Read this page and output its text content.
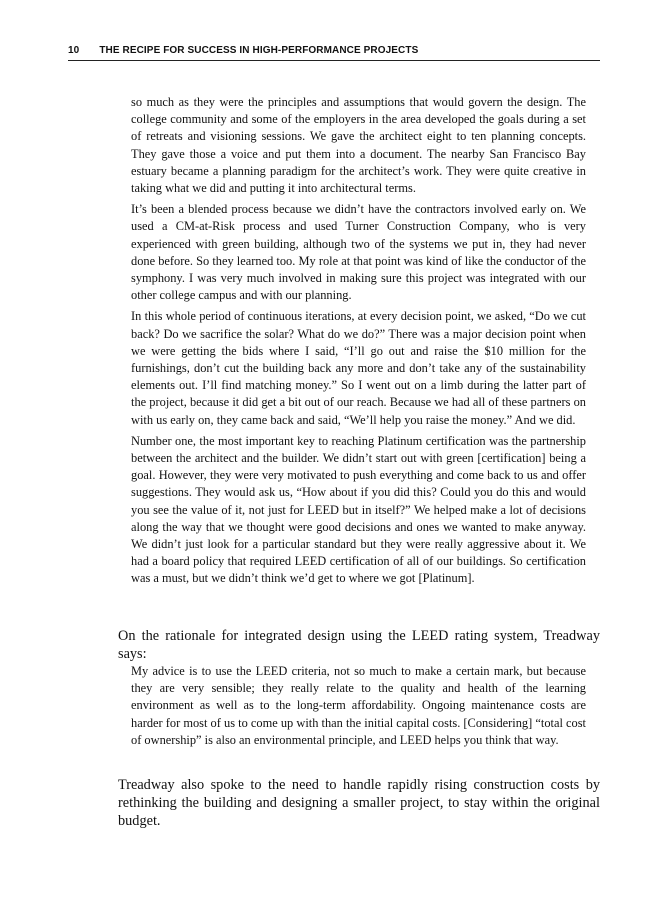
10 THE RECIPE FOR SUCCESS IN HIGH-PERFORMANCE PROJECTS

so much as they were the principles and assumptions that would govern the design. The college community and some of the employers in the area developed the goals during a set of retreats and visioning sessions. We gave the architect eight to ten planning concepts. They gave those a voice and put them into a document. The nearby San Francisco Bay estuary became a planning paradigm for the architect’s work. They were quite creative in taking what we did and putting it into architectural terms.

It’s been a blended process because we didn’t have the contractors involved early on. We used a CM-at-Risk process and used Turner Construction Company, who is very experienced with green building, although two of the systems we put in, they had never done before. So they learned too. My role at that point was kind of like the conductor of the symphony. I was very much involved in making sure this project was integrated with our other college campus and with our planning.

In this whole period of continuous iterations, at every decision point, we asked, “Do we cut back? Do we sacrifice the solar? What do we do?” There was a major decision point when we were getting the bids where I said, “I’ll go out and raise the $10 million for the furnishings, don’t cut the building back any more and don’t take any of the sustainability elements out. I’ll find matching money.” So I went out on a limb during the latter part of the project, because it did get a bit out of our reach. Because we had all of these partners on with us early on, they came back and said, “We’ll help you raise the money.” And we did.

Number one, the most important key to reaching Platinum certification was the partnership between the architect and the builder. We didn’t start out with green [certification] being a goal. However, they were very motivated to push everything and come back to us and offer suggestions. They would ask us, “How about if you did this? Could you do this and would you see the value of it, not just for LEED but in itself?” We helped make a lot of decisions along the way that we thought were good decisions and ones we wanted to make anyway. We didn’t just look for a particular standard but they were really aggressive about it. We had a board policy that required LEED certification of all of our buildings. So certification was a must, but we didn’t think we’d get to where we got [Platinum].

On the rationale for integrated design using the LEED rating system, Treadway says:

My advice is to use the LEED criteria, not so much to make a certain mark, but because they are very sensible; they really relate to the quality and health of the learning environment as well as to the long-term affordability. Ongoing maintenance costs are harder for most of us to come up with than the initial capital costs. [Considering] “total cost of ownership” is also an environmental principle, and LEED helps you think that way.

Treadway also spoke to the need to handle rapidly rising construction costs by rethinking the building and designing a smaller project, to stay within the original budget.
